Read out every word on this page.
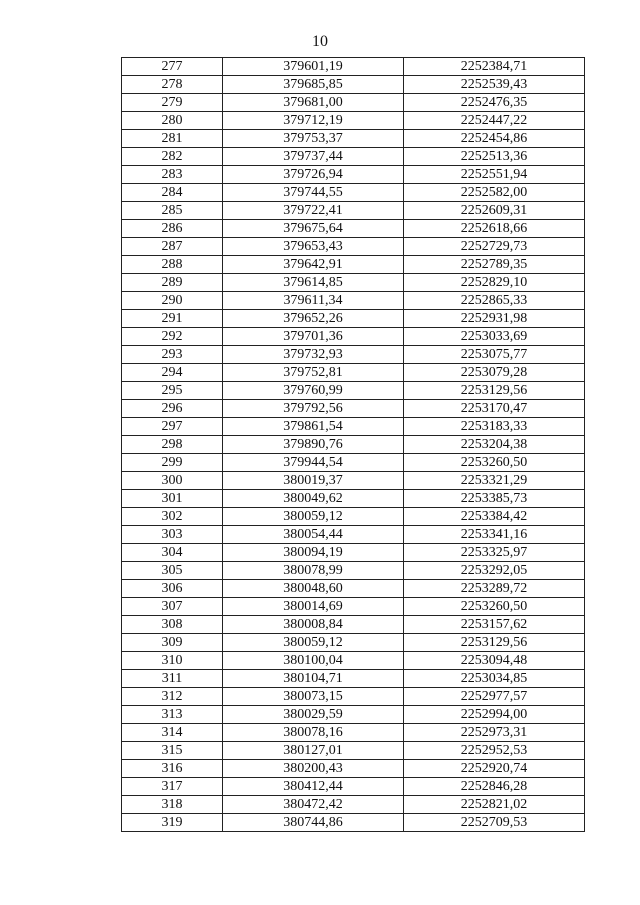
10
277	379601,19	2252384,71
278	379685,85	2252539,43
279	379681,00	2252476,35
280	379712,19	2252447,22
281	379753,37	2252454,86
282	379737,44	2252513,36
283	379726,94	2252551,94
284	379744,55	2252582,00
285	379722,41	2252609,31
286	379675,64	2252618,66
287	379653,43	2252729,73
288	379642,91	2252789,35
289	379614,85	2252829,10
290	379611,34	2252865,33
291	379652,26	2252931,98
292	379701,36	2253033,69
293	379732,93	2253075,77
294	379752,81	2253079,28
295	379760,99	2253129,56
296	379792,56	2253170,47
297	379861,54	2253183,33
298	379890,76	2253204,38
299	379944,54	2253260,50
300	380019,37	2253321,29
301	380049,62	2253385,73
302	380059,12	2253384,42
303	380054,44	2253341,16
304	380094,19	2253325,97
305	380078,99	2253292,05
306	380048,60	2253289,72
307	380014,69	2253260,50
308	380008,84	2253157,62
309	380059,12	2253129,56
310	380100,04	2253094,48
311	380104,71	2253034,85
312	380073,15	2252977,57
313	380029,59	2252994,00
314	380078,16	2252973,31
315	380127,01	2252952,53
316	380200,43	2252920,74
317	380412,44	2252846,28
318	380472,42	2252821,02
319	380744,86	2252709,53
